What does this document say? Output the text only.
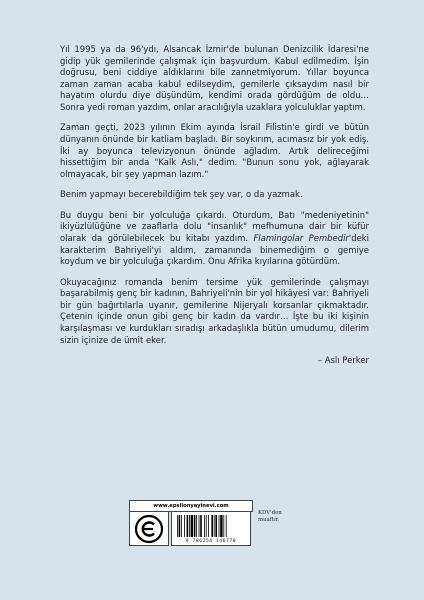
Yıl 1995 ya da 96'ydı, Alsancak İzmir'de bulunan Denizcilik İdaresi'ne gidip yük gemilerinde çalışmak için başvurdum. Kabul edilmedim. İşin doğrusu, beni ciddiye aldıklarını bile zannetmiyorum. Yıllar boyunca zaman zaman acaba kabul edilseydim, gemilerle çıksaydım nasıl bir hayatım olurdu diye düşündüm, kendimi orada gördüğüm de oldu… Sonra yedi roman yazdım, onlar aracılığıyla uzaklara yolculuklar yaptım.

Zaman geçti, 2023 yılının Ekim ayında İsrail Filistin'e girdi ve bütün dünyanın önünde bir katliam başladı. Bir soykırım, acımasız bir yok ediş. İki ay boyunca televizyonun önünde ağladım. Artık delireceğimi hissettiğim bir anda "Kalk Aslı," dedim. "Bunun sonu yok, ağlayarak olmayacak, bir şey yapman lazım."

Benim yapmayı becerebildiğim tek şey var, o da yazmak.

Bu duygu beni bir yolculuğa çıkardı. Oturdum, Batı "medeniyetinin" ikiyüzlülüğüne ve zaaflarla dolu "insanlık" mefhumuna dair bir küfür olarak da görülebilecek bu kitabı yazdım. Flamingolar Pembedir'deki karakterim Bahriyeli'yi aldım, zamanında binemediğim o gemiye koydum ve bir yolculuğa çıkardım. Onu Afrika kıyılarına götürdüm.

Okuyacağınız romanda benim tersime yük gemilerinde çalışmayı başarabilmiş genç bir kadının, Bahriyeli'nin bir yol hikâyesi var: Bahriyeli bir gün bağırtılarla uyanır, gemilerine Nijeryalı korsanlar çıkmaktadır. Çetenin içinde onun gibi genç bir kadın da vardır… İşte bu iki kişinin karşılaşması ve kurdukları sıradışı arkadaşlıkla bütün umudumu, dilerim sizin içinize de ümit eker.

– Aslı Perker
www.epsilonyayinevi.com
9 786254 146770
KDV'den
muaftır.
